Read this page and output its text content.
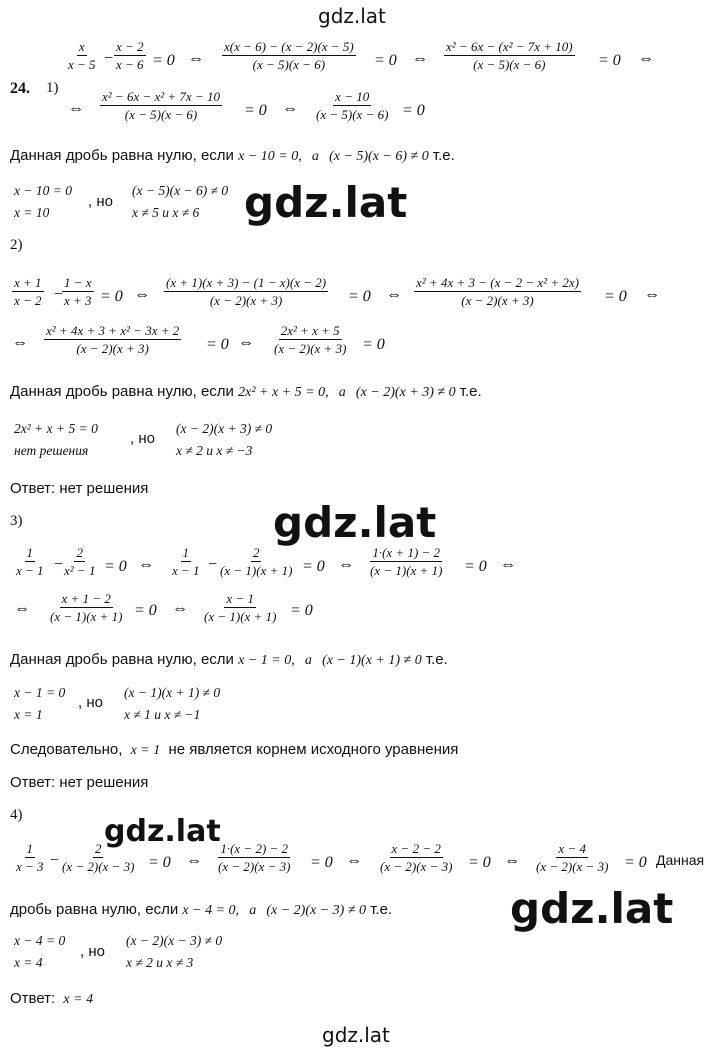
gdz.lat
gdz.lat
gdz.lat
gdz.lat
gdz.lat
gdz.lat
24. 1)
$\frac{x}{x - 5} - \frac{x - 2}{x - 6} = 0$ ⇔ $\frac{x(x - 6) - (x - 2)(x - 5)}{(x - 5)(x - 6)} = 0$ ⇔ $\frac{\text{x² − 6x − (x² − 7x + 10)}}{(x - 5)(x - 6)} = 0$ ⇔
⇔ $\frac{\text{x² − 6x − x² + 7x − 10}}{(x - 5)(x - 6)} = 0$ ⇔ $\frac{x - 10}{(x - 5)(x - 6)} = 0$
Данная дробь равна нулю, если x − 10 = 0, а (x − 5)(x − 6) ≠ 0 т.е.
x − 10 = 0
x = 10
, но
(x − 5)(x − 6) ≠ 0
x ≠ 5 и x ≠ 6
2)
$\frac{x + 1}{x - 2}$ −
$\frac{1 - x}{x + 3} = 0$ ⇔ $\frac{(x + 1)(x + 3) - (1 - x)(x - 2)}{(x - 2)(x + 3)} = 0$ ⇔ $\frac{\text{x² + 4x + 3 − (x − 2 − x² + 2x)}}{(x - 2)(x + 3)} = 0$ ⇔
⇔ $\frac{\text{x² + 4x + 3 + x² − 3x + 2}}{(x - 2)(x + 3)} = 0$ ⇔ $\frac{\text{2x² + x + 5}}{(x - 2)(x + 3)} = 0$
Данная дробь равна нулю, если 2x² + x + 5 = 0, а (x − 2)(x + 3) ≠ 0 т.е.
2x² + x + 5 = 0
нет решения
, но
(x − 2)(x + 3) ≠ 0
x ≠ 2 и x ≠ −3
Ответ: нет решения
3)
$\frac{1}{x - 1}$ −
$\frac{2}{\text{x² − 1}} = 0$ ⇔ $\frac{1}{x - 1} - \frac{2}{(x - 1)(x + 1)} = 0$ ⇔ $\frac{1\cdot(x + 1) - 2}{(x - 1)(x + 1)} = 0$ ⇔
⇔ $\frac{x + 1 - 2}{(x - 1)(x + 1)} = 0$ ⇔ $\frac{x - 1}{(x - 1)(x + 1)} = 0$
Данная дробь равна нулю, если x − 1 = 0, а (x − 1)(x + 1) ≠ 0 т.е.
x − 1 = 0
x = 1
, но
(x − 1)(x + 1) ≠ 0
x ≠ 1 и x ≠ −1
Следовательно, x = 1 не является корнем исходного уравнения
Ответ: нет решения
4)
$\frac{1}{x - 3} - \frac{2}{(x - 2)(x - 3)} = 0$ ⇔ $\frac{1\cdot(x - 2) - 2}{(x - 2)(x - 3)} = 0$ ⇔ $\frac{x - 2 - 2}{(x - 2)(x - 3)} = 0$ ⇔ $\frac{x - 4}{(x - 2)(x - 3)} = 0$ Данная
дробь равна нулю, если x − 4 = 0, а (x − 2)(x − 3) ≠ 0 т.е.
x − 4 = 0
x = 4
, но
(x − 2)(x − 3) ≠ 0
x ≠ 2 и x ≠ 3
Ответ: x = 4
